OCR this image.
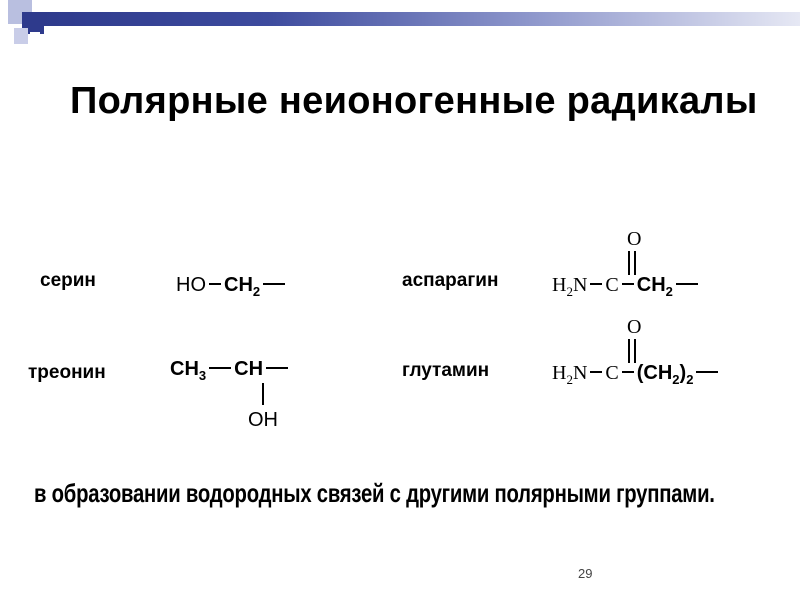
Полярные неионогенные радикалы
серин	HO $CH_2$
треонин	$CH_3$ CH
OH
аспарагин
O
$H_2N$ C $CH_2$
глутамин
O
$H_2N$ C $(CH_2)_2$
в образовании водородных связей с другими полярными группами.
29
